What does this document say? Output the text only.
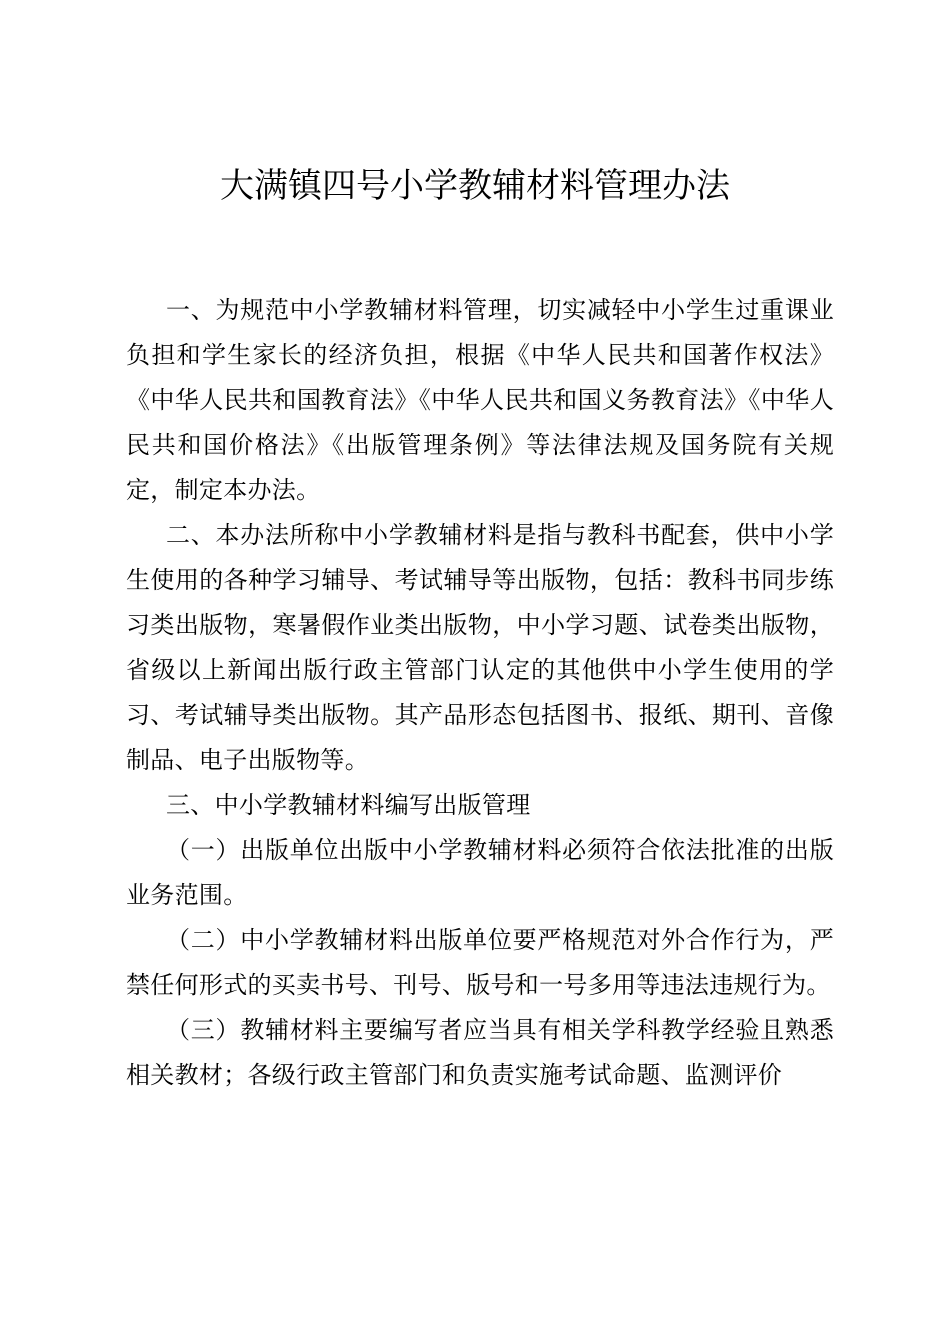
大满镇四号小学教辅材料管理办法

一、为规范中小学教辅材料管理，切实减轻中小学生过重课业负担和学生家长的经济负担，根据《中华人民共和国著作权法》《中华人民共和国教育法》《中华人民共和国义务教育法》《中华人民共和国价格法》《出版管理条例》等法律法规及国务院有关规定，制定本办法。

二、本办法所称中小学教辅材料是指与教科书配套，供中小学生使用的各种学习辅导、考试辅导等出版物，包括：教科书同步练习类出版物，寒暑假作业类出版物，中小学习题、试卷类出版物，省级以上新闻出版行政主管部门认定的其他供中小学生使用的学习、考试辅导类出版物。其产品形态包括图书、报纸、期刊、音像制品、电子出版物等。

三、中小学教辅材料编写出版管理

（一）出版单位出版中小学教辅材料必须符合依法批准的出版业务范围。

（二）中小学教辅材料出版单位要严格规范对外合作行为，严禁任何形式的买卖书号、刊号、版号和一号多用等违法违规行为。

（三）教辅材料主要编写者应当具有相关学科教学经验且熟悉相关教材；各级行政主管部门和负责实施考试命题、监测评价
